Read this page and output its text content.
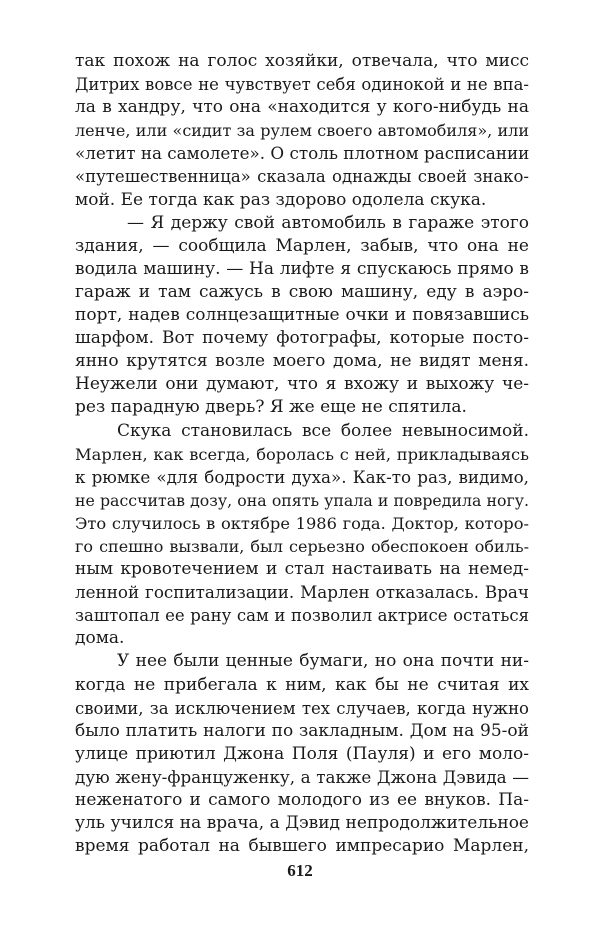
так похож на голос хозяйки, отвечала, что мисс
Дитрих вовсе не чувствует себя одинокой и не впа-
ла в хандру, что она «находится у кого-нибудь на
ленче, или «сидит за рулем своего автомобиля», или
«летит на самолете». О столь плотном расписании
«путешественница» сказала однажды своей знако-
мой. Ее тогда как раз здорово одолела скука.
— Я держу свой автомобиль в гараже этого
здания, — сообщила Марлен, забыв, что она не
водила машину. — На лифте я спускаюсь прямо в
гараж и там сажусь в свою машину, еду в аэро-
порт, надев солнцезащитные очки и повязавшись
шарфом. Вот почему фотографы, которые посто-
янно крутятся возле моего дома, не видят меня.
Неужели они думают, что я вхожу и выхожу че-
рез парадную дверь? Я же еще не спятила.
Скука становилась все более невыносимой.
Марлен, как всегда, боролась с ней, прикладываясь
к рюмке «для бодрости духа». Как-то раз, видимо,
не рассчитав дозу, она опять упала и повредила ногу.
Это случилось в октябре 1986 года. Доктор, которо-
го спешно вызвали, был серьезно обеспокоен обиль-
ным кровотечением и стал настаивать на немед-
ленной госпитализации. Марлен отказалась. Врач
заштопал ее рану сам и позволил актрисе остаться
дома.
У нее были ценные бумаги, но она почти ни-
когда не прибегала к ним, как бы не считая их
своими, за исключением тех случаев, когда нужно
было платить налоги по закладным. Дом на 95-ой
улице приютил Джона Поля (Пауля) и его моло-
дую жену-француженку, а также Джона Дэвида —
неженатого и самого молодого из ее внуков. Па-
уль учился на врача, а Дэвид непродолжительное
время работал на бывшего импресарио Марлен,
612
